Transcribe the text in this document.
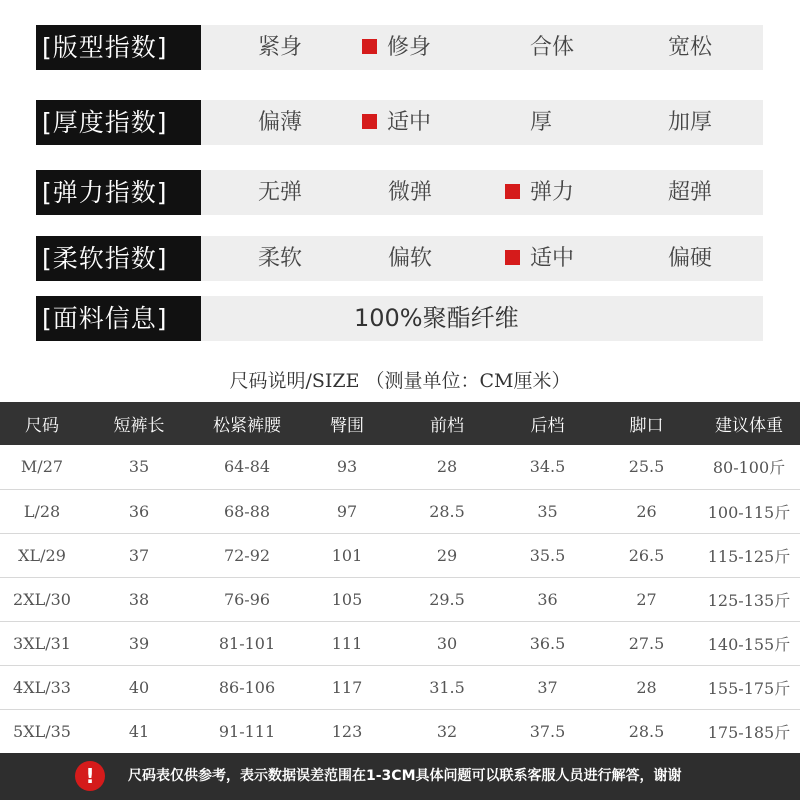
[版型指数]	紧身	修身	合体	宽松
[厚度指数]	偏薄	适中	厚	加厚
[弹力指数]	无弹	微弹	弹力	超弹
[柔软指数]	柔软	偏软	适中	偏硬
[面料信息]	100%聚酯纤维
尺码说明/SIZE （测量单位：CM厘米）
尺码	短裤长	松紧裤腰	臀围	前档	后档	脚口	建议体重
M/27	35	64-84	93	28	34.5	25.5	80-100斤
L/28	36	68-88	97	28.5	35	26	100-115斤
XL/29	37	72-92	101	29	35.5	26.5	115-125斤
2XL/30	38	76-96	105	29.5	36	27	125-135斤
3XL/31	39	81-101	111	30	36.5	27.5	140-155斤
4XL/33	40	86-106	117	31.5	37	28	155-175斤
5XL/35	41	91-111	123	32	37.5	28.5	175-185斤
!	尺码表仅供参考，表示数据误差范围在1-3CM具体问题可以联系客服人员进行解答，谢谢
